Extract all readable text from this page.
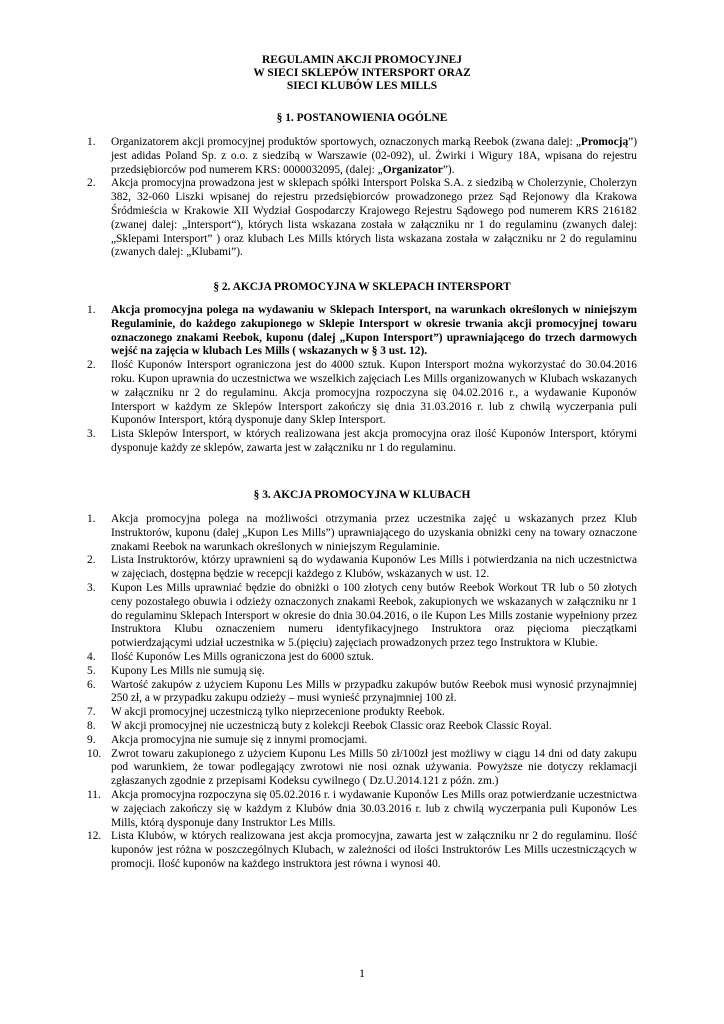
REGULAMIN AKCJI PROMOCYJNEJ
W SIECI SKLEPÓW INTERSPORT ORAZ
SIECI KLUBÓW LES MILLS
§ 1. POSTANOWIENIA OGÓLNE
1. Organizatorem akcji promocyjnej produktów sportowych, oznaczonych marką Reebok (zwana dalej: „Promocją”) jest adidas Poland Sp. z o.o. z siedzibą w Warszawie (02-092), ul. Żwirki i Wigury 18A, wpisana do rejestru przedsiębiorców pod numerem KRS: 0000032095, (dalej: „Organizator”).
2. Akcja promocyjna prowadzona jest w sklepach spółki Intersport Polska S.A. z siedzibą w Cholerzynie, Cholerzyn 382, 32-060 Liszki wpisanej do rejestru przedsiębiorców prowadzonego przez Sąd Rejonowy dla Krakowa Śródmieścia w Krakowie XII Wydział Gospodarczy Krajowego Rejestru Sądowego pod numerem KRS 216182 (zwanej dalej: „Intersport“), których lista wskazana została w załączniku nr 1 do regulaminu (zwanych dalej: „Sklepami Intersport” ) oraz klubach Les Mills których lista wskazana została w załączniku nr 2 do regulaminu (zwanych dalej: „Klubami”).
§ 2. AKCJA PROMOCYJNA W SKLEPACH INTERSPORT
1. Akcja promocyjna polega na wydawaniu w Sklepach Intersport, na warunkach określonych w niniejszym Regulaminie, do każdego zakupionego w Sklepie Intersport w okresie trwania akcji promocyjnej towaru oznaczonego znakami Reebok, kuponu (dalej „Kupon Intersport”) uprawniającego do trzech darmowych wejść na zajęcia w klubach Les Mills ( wskazanych w § 3 ust. 12).
2. Ilość Kuponów Intersport ograniczona jest do 4000 sztuk. Kupon Intersport można wykorzystać do 30.04.2016 roku. Kupon uprawnia do uczestnictwa we wszelkich zajęciach Les Mills organizowanych w Klubach wskazanych w załączniku nr 2 do regulaminu. Akcja promocyjna rozpoczyna się 04.02.2016 r., a wydawanie Kuponów Intersport w każdym ze Sklepów Intersport zakończy się dnia 31.03.2016 r. lub z chwilą wyczerpania puli Kuponów Intersport, którą dysponuje dany Sklep Intersport.
3. Lista Sklepów Intersport, w których realizowana jest akcja promocyjna oraz ilość Kuponów Intersport, którymi dysponuje każdy ze sklepów, zawarta jest w załączniku nr 1 do regulaminu.
§ 3. AKCJA PROMOCYJNA W KLUBACH
1. Akcja promocyjna polega na możliwości otrzymania przez uczestnika zajęć u wskazanych przez Klub Instruktorów, kuponu (dalej „Kupon Les Mills”) uprawniającego do uzyskania obniżki ceny na towary oznaczone znakami Reebok na warunkach określonych w niniejszym Regulaminie.
2. Lista Instruktorów, którzy uprawnieni są do wydawania Kuponów Les Mills i potwierdzania na nich uczestnictwa w zajęciach, dostępna będzie w recepcji każdego z Klubów, wskazanych w ust. 12.
3. Kupon Les Mills uprawniać będzie do obniżki o 100 złotych ceny butów Reebok Workout TR lub o 50 złotych ceny pozostałego obuwia i odzieży oznaczonych znakami Reebok, zakupionych we wskazanych w załączniku nr 1 do regulaminu Sklepach Intersport w okresie do dnia 30.04.2016, o ile Kupon Les Mills zostanie wypełniony przez Instruktora Klubu oznaczeniem numeru identyfikacyjnego Instruktora oraz pięcioma pieczątkami potwierdzającymi udział uczestnika w 5.(pięciu) zajęciach prowadzonych przez tego Instruktora w Klubie.
4. Ilość Kuponów Les Mills ograniczona jest do 6000 sztuk.
5. Kupony Les Mills nie sumują się.
6. Wartość zakupów z użyciem Kuponu Les Mills w przypadku zakupów butów Reebok musi wynosić przynajmniej 250 zł, a w przypadku zakupu odzieży – musi wynieść przynajmniej 100 zł.
7. W akcji promocyjnej uczestniczą tylko nieprzecenione produkty Reebok.
8. W akcji promocyjnej nie uczestniczą buty z kolekcji Reebok Classic oraz Reebok Classic Royal.
9. Akcja promocyjna nie sumuje się z innymi promocjami.
10. Zwrot towaru zakupionego z użyciem Kuponu Les Mills 50 zł/100zł jest możliwy w ciągu 14 dni od daty zakupu pod warunkiem, że towar podlegający zwrotowi nie nosi oznak używania. Powyższe nie dotyczy reklamacji zgłaszanych zgodnie z przepisami Kodeksu cywilnego ( Dz.U.2014.121 z późn. zm.)
11. Akcja promocyjna rozpoczyna się 05.02.2016 r. i wydawanie Kuponów Les Mills oraz potwierdzanie uczestnictwa w zajęciach zakończy się w każdym z Klubów dnia 30.03.2016 r. lub z chwilą wyczerpania puli Kuponów Les Mills, którą dysponuje dany Instruktor Les Mills.
12. Lista Klubów, w których realizowana jest akcja promocyjna, zawarta jest w załączniku nr 2 do regulaminu. Ilość kuponów jest różna w poszczególnych Klubach, w zależności od ilości Instruktorów Les Mills uczestniczących w promocji. Ilość kuponów na każdego instruktora jest równa i wynosi 40.
1
